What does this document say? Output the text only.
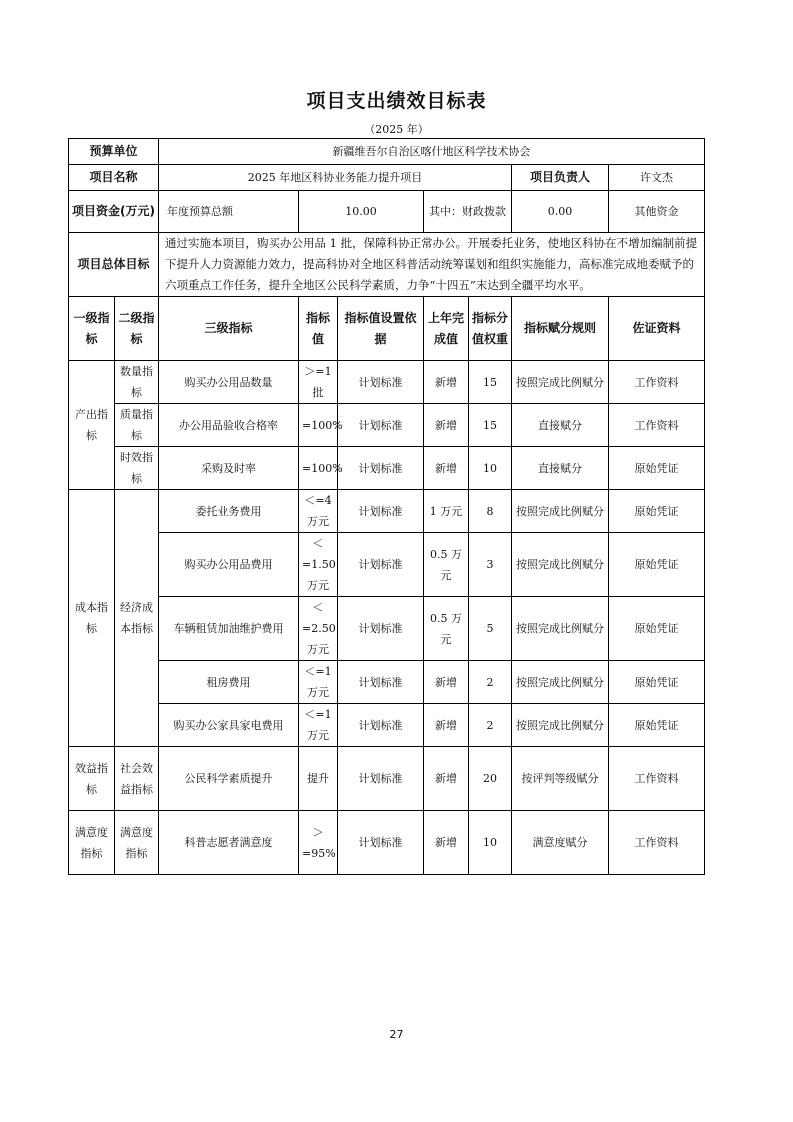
项目支出绩效目标表
（2025 年）
预算单位		新疆维吾尔自治区喀什地区科学技术协会						
项目名称		2025 年地区科协业务能力提升项目					项目负责人	许文杰
项目资金(万元)		年度预算总额	10.00		其中：财政拨款		0.00	其他资金
项目总体目标		通过实施本项目，购买办公用品 1 批，保障科协正常办公。开展委托业务，使地区科协在不增加编制前提下提升人力资源能力效力，提高科协对全地区科普活动统筹谋划和组织实施能力，高标准完成地委赋予的六项重点工作任务，提升全地区公民科学素质，力争“十四五”末达到全疆平均水平。						
一级指标	二级指标	三级指标	指标值	指标值设置依据	上年完成值	指标分值权重	指标赋分规则	佐证资料
产出指标	数量指标	购买办公用品数量	＞=1 批	计划标准	新增	15	按照完成比例赋分	工作资料
	质量指标	办公用品验收合格率	=100%	计划标准	新增	15	直接赋分	工作资料
	时效指标	采购及时率	=100%	计划标准	新增	10	直接赋分	原始凭证
成本指标	经济成本指标	委托业务费用	＜=4 万元	计划标准	1 万元	8	按照完成比例赋分	原始凭证
		购买办公用品费用	＜ =1.50 万元	计划标准	0.5 万元	3	按照完成比例赋分	原始凭证
		车辆租赁加油维护费用	＜ =2.50 万元	计划标准	0.5 万元	5	按照完成比例赋分	原始凭证
		租房费用	＜=1 万元	计划标准	新增	2	按照完成比例赋分	原始凭证
		购买办公家具家电费用	＜=1 万元	计划标准	新增	2	按照完成比例赋分	原始凭证
效益指标	社会效益指标	公民科学素质提升	提升	计划标准	新增	20	按评判等级赋分	工作资料
满意度指标	满意度指标	科普志愿者满意度	＞ =95%	计划标准	新增	10	满意度赋分	工作资料
27
